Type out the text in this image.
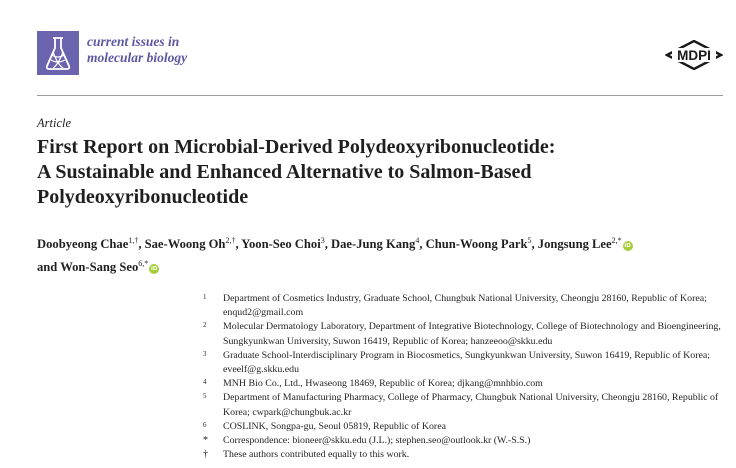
current issues in
molecular biology	MDPI
Article
First Report on Microbial-Derived Polydeoxyribonucleotide:
A Sustainable and Enhanced Alternative to Salmon-Based
Polydeoxyribonucleotide
Doobyeong Chae$^{1,\dagger}$, Sae-Woong $Oh^{2,\dagger}$, Yoon-Seo Choi$^3$, Dae-Jung Kang$^4$, Chun-Woong Park$^5$, Jongsung Lee$^{2,*}$iD
and Won-Sang Seo$^{6,*}$iD
1 Department of Cosmetics Industry, Graduate School, Chungbuk National University, Cheongju 28160, Republic of Korea; enqud2@gmail.com
2 Molecular Dermatology Laboratory, Department of Integrative Biotechnology, College of Biotechnology and Bioengineering, Sungkyunkwan University, Suwon 16419, Republic of Korea; hanzeeoo@skku.edu
3 Graduate School-Interdisciplinary Program in Biocosmetics, Sungkyunkwan University, Suwon 16419, Republic of Korea; eveelf@g.skku.edu
4 MNH Bio Co., Ltd., Hwaseong 18469, Republic of Korea; djkang@mnhbio.com
5 Department of Manufacturing Pharmacy, College of Pharmacy, Chungbuk National University, Cheongju 28160, Republic of Korea; cwpark@chungbuk.ac.kr
6 COSLINK, Songpa-gu, Seoul 05819, Republic of Korea
* Correspondence: bioneer@skku.edu (J.L.); stephen.seo@outlook.kr (W.-S.S.)
† These authors contributed equally to this work.
